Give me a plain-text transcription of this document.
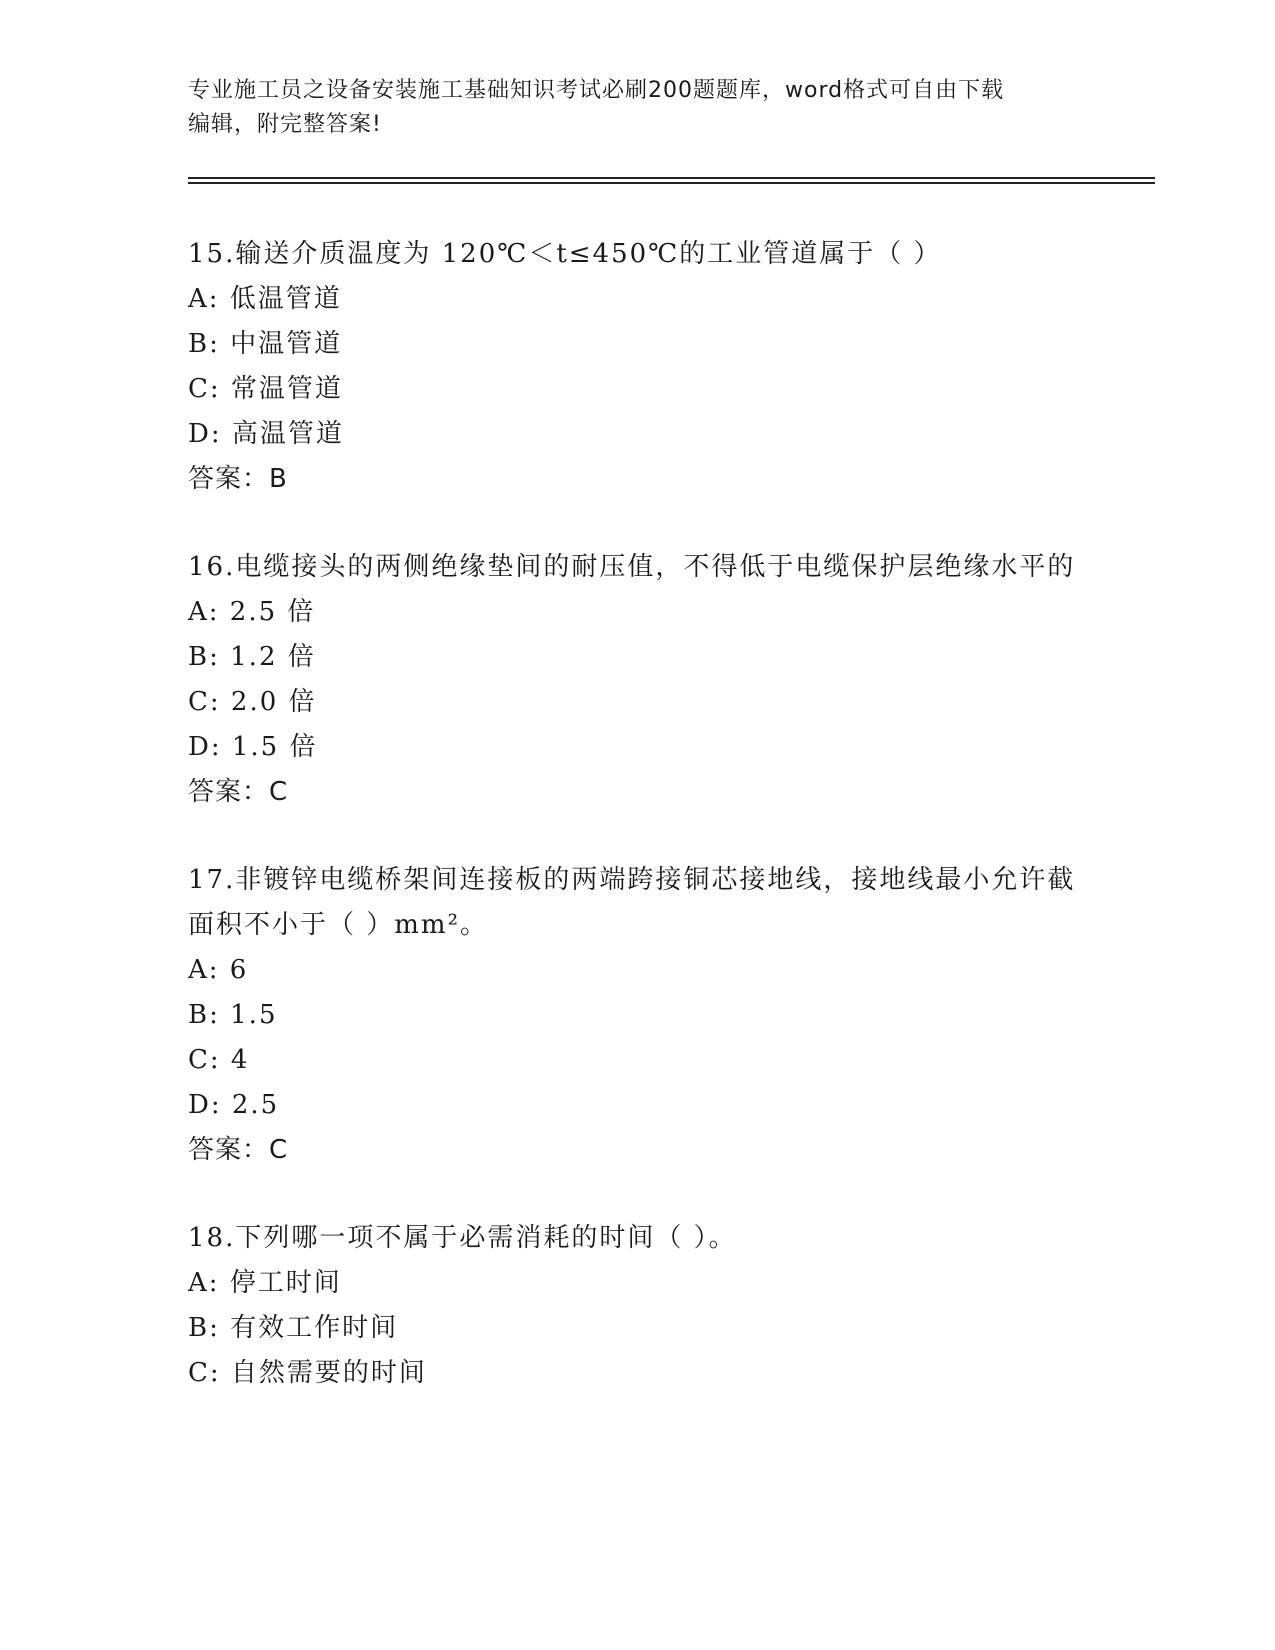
专业施工员之设备安装施工基础知识考试必刷200题题库，word格式可自由下载
编辑，附完整答案!
15.输送介质温度为 120℃＜t≤450℃的工业管道属于（ ）
A: 低温管道
B: 中温管道
C: 常温管道
D: 高温管道
答案：B
16.电缆接头的两侧绝缘垫间的耐压值，不得低于电缆保护层绝缘水平的
A: 2.5 倍
B: 1.2 倍
C: 2.0 倍
D: 1.5 倍
答案：C
17.非镀锌电缆桥架间连接板的两端跨接铜芯接地线，接地线最小允许截面积不小于（ ）mm²。
A: 6
B: 1.5
C: 4
D: 2.5
答案：C
18.下列哪一项不属于必需消耗的时间（ ）。
A: 停工时间
B: 有效工作时间
C: 自然需要的时间
